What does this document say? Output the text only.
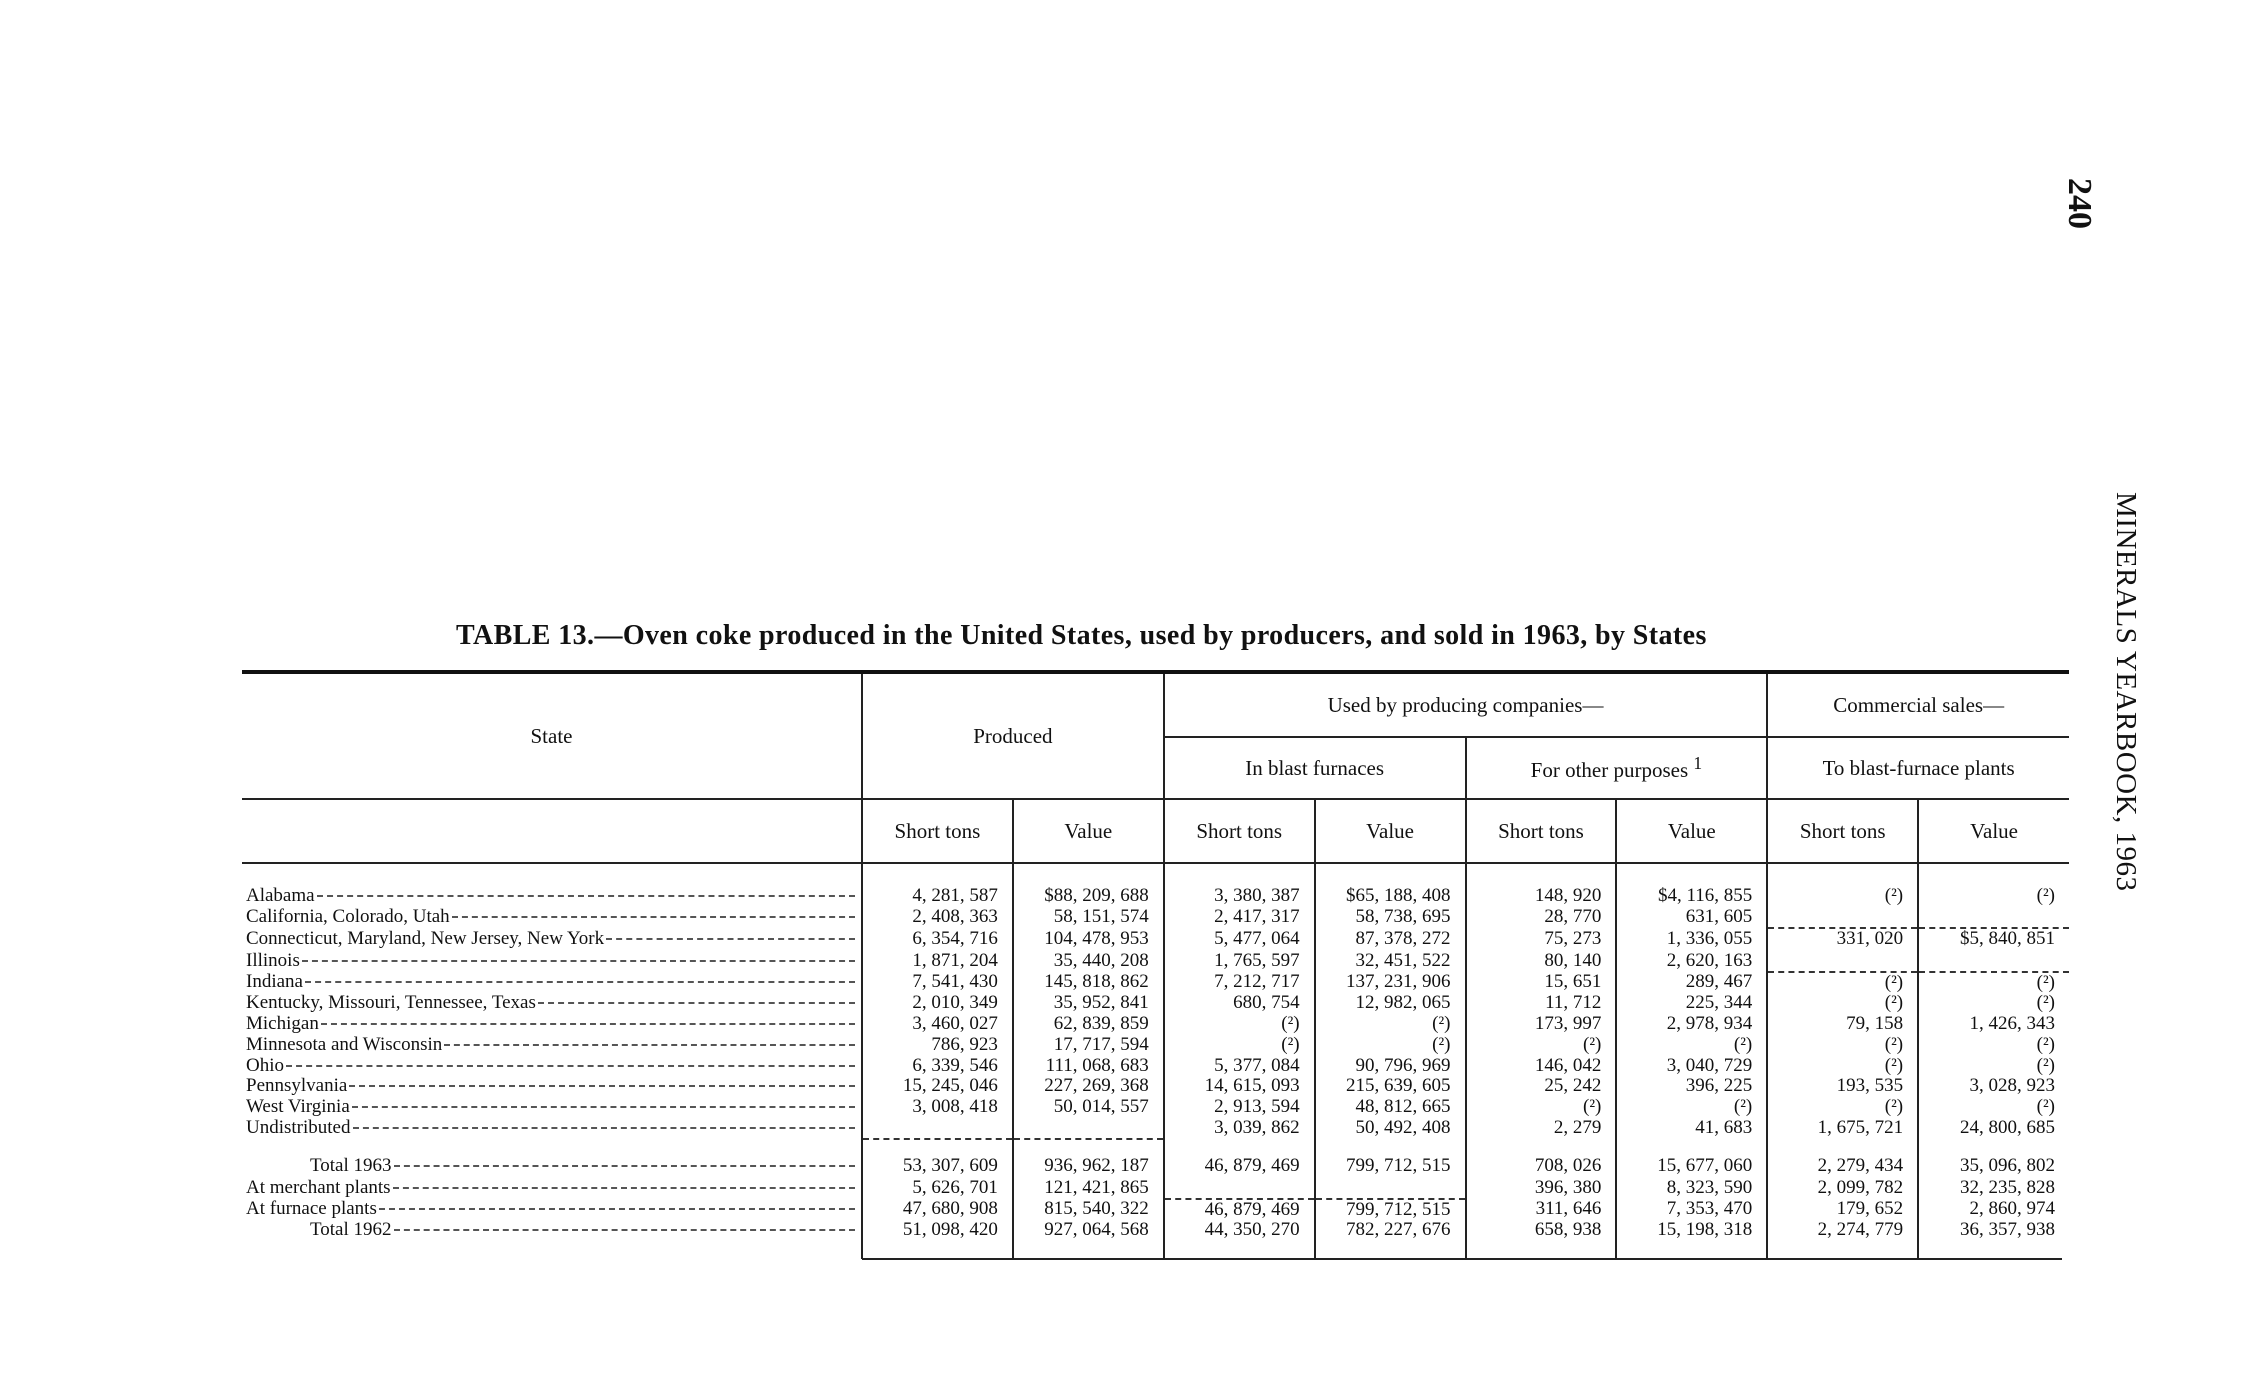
240
MINERALS YEARBOOK, 1963
TABLE 13.—Oven coke produced in the United States, used by producers, and sold in 1963, by States
State	Produced		Used by producing companies—				Commercial sales—	
			In blast furnaces		For other purposes $^1$		To blast-furnace plants	
	Short tons	Value	Short tons	Value	Short tons	Value	Short tons	Value

Alabama	4, 281, 587	$88, 209, 688	3, 380, 387	$65, 188, 408	148, 920	$4, 116, 855	(²)	(²)

California, Colorado, Utah	2, 408, 363	58, 151, 574	2, 417, 317	58, 738, 695	28, 770	631, 605		

Connecticut, Maryland, New Jersey, New York	6, 354, 716	104, 478, 953	5, 477, 064	87, 378, 272	75, 273	1, 336, 055	331, 020	$5, 840, 851

Illinois	1, 871, 204	35, 440, 208	1, 765, 597	32, 451, 522	80, 140	2, 620, 163		

Indiana	7, 541, 430	145, 818, 862	7, 212, 717	137, 231, 906	15, 651	289, 467	(²)	(²)

Kentucky, Missouri, Tennessee, Texas	2, 010, 349	35, 952, 841	680, 754	12, 982, 065	11, 712	225, 344	(²)	(²)

Michigan	3, 460, 027	62, 839, 859	(²)	(²)	173, 997	2, 978, 934	79, 158	1, 426, 343

Minnesota and Wisconsin	786, 923	17, 717, 594	(²)	(²)	(²)	(²)	(²)	(²)

Ohio	6, 339, 546	111, 068, 683	5, 377, 084	90, 796, 969	146, 042	3, 040, 729	(²)	(²)

Pennsylvania	15, 245, 046	227, 269, 368	14, 615, 093	215, 639, 605	25, 242	396, 225	193, 535	3, 028, 923

West Virginia	3, 008, 418	50, 014, 557	2, 913, 594	48, 812, 665	(²)	(²)	(²)	(²)

Undistributed			3, 039, 862	50, 492, 408	2, 279	41, 683	1, 675, 721	24, 800, 685

Total 1963	53, 307, 609	936, 962, 187	46, 879, 469	799, 712, 515	708, 026	15, 677, 060	2, 279, 434	35, 096, 802

At merchant plants	5, 626, 701	121, 421, 865			396, 380	8, 323, 590	2, 099, 782	32, 235, 828

At furnace plants	47, 680, 908	815, 540, 322	46, 879, 469	799, 712, 515	311, 646	7, 353, 470	179, 652	2, 860, 974

Total 1962	51, 098, 420	927, 064, 568	44, 350, 270	782, 227, 676	658, 938	15, 198, 318	2, 274, 779	36, 357, 938
